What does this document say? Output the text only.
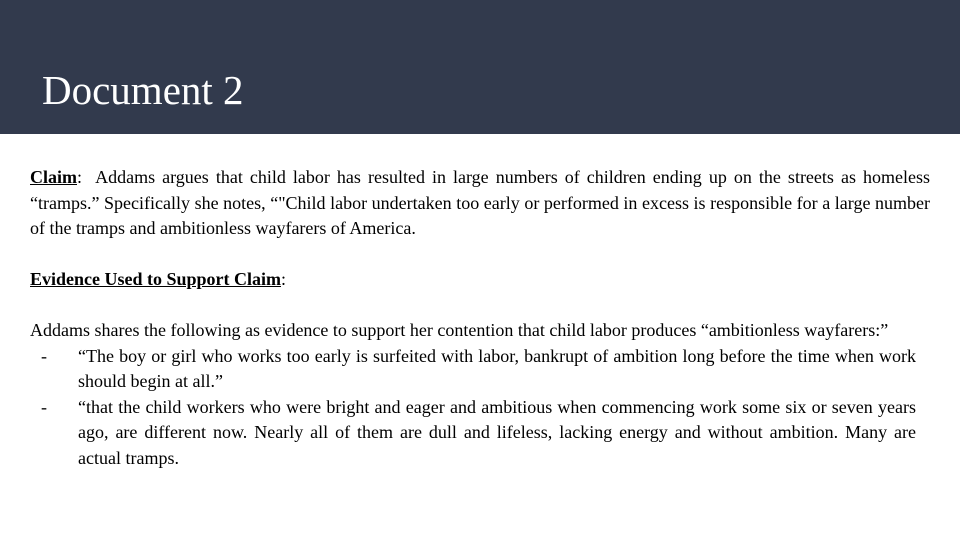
Document 2

Claim: Addams argues that child labor has resulted in large numbers of children ending up on the streets as homeless “tramps.” Specifically she notes, “"Child labor undertaken too early or performed in excess is responsible for a large number of the tramps and ambitionless wayfarers of America.

Evidence Used to Support Claim:

Addams shares the following as evidence to support her contention that child labor produces “ambitionless wayfarers:”

- “The boy or girl who works too early is surfeited with labor, bankrupt of ambition long before the time when work should begin at all.”
- “that the child workers who were bright and eager and ambitious when commencing work some six or seven years ago, are different now. Nearly all of them are dull and lifeless, lacking energy and without ambition. Many are actual tramps.
